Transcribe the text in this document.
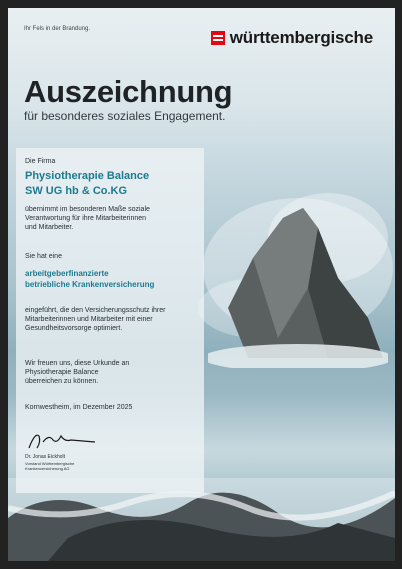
Ihr Fels in der Brandung.	württembergische
Auszeichnung
für besonderes soziales Engagement.
Die Firma
Physiotherapie Balance
SW UG hb & Co.KG
übernimmt im besonderen Maße soziale
Verantwortung für ihre Mitarbeiterinnen
und Mitarbeiter.
Sie hat eine
arbeitgeberfinanzierte
betriebliche Krankenversicherung
eingeführt, die den Versicherungsschutz ihrer
Mitarbeiterinnen und Mitarbeiter mit einer
Gesundheitsvorsorge optimiert.
Wir freuen uns, diese Urkunde an
Physiotherapie Balance
überreichen zu können.
Kornwestheim, im Dezember 2025
Dr. Jonas Eickholt
Vorstand Württembergische
Krankenversicherung AG
